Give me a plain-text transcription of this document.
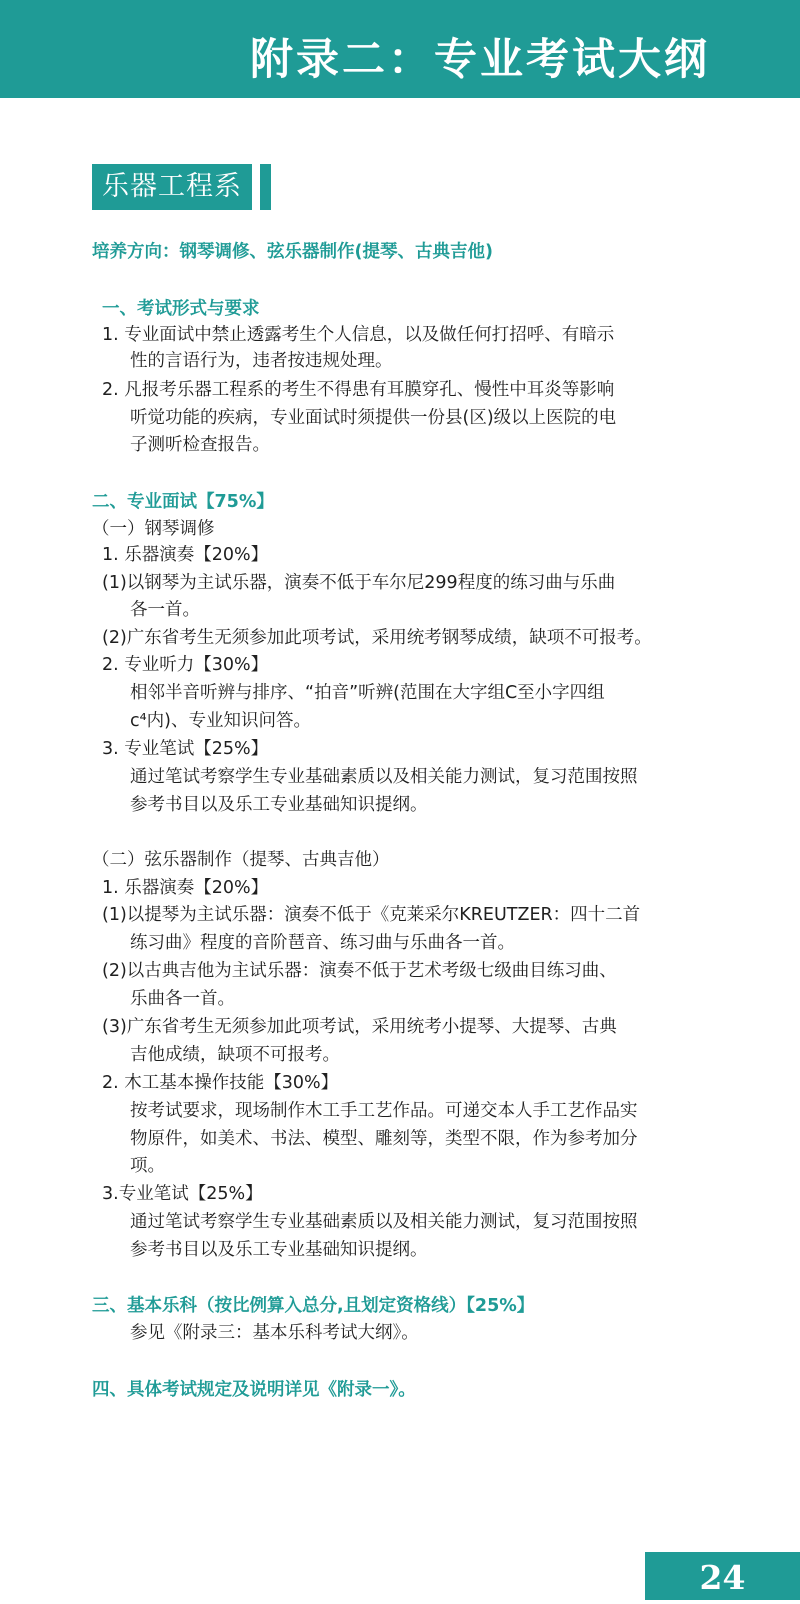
附录二：专业考试大纲
乐器工程系
培养方向：钢琴调修、弦乐器制作(提琴、古典吉他)
一、考试形式与要求
1. 专业面试中禁止透露考生个人信息，以及做任何打招呼、有暗示
性的言语行为，违者按违规处理。
2. 凡报考乐器工程系的考生不得患有耳膜穿孔、慢性中耳炎等影响
听觉功能的疾病，专业面试时须提供一份县(区)级以上医院的电
子测听检查报告。
二、专业面试【75%】
（一）钢琴调修
1. 乐器演奏【20%】
(1)以钢琴为主试乐器，演奏不低于车尔尼299程度的练习曲与乐曲
各一首。
(2)广东省考生无须参加此项考试，采用统考钢琴成绩，缺项不可报考。
2. 专业听力【30%】
相邻半音听辨与排序、“拍音”听辨(范围在大字组C至小字四组
c⁴内)、专业知识问答。
3. 专业笔试【25%】
通过笔试考察学生专业基础素质以及相关能力测试，复习范围按照
参考书目以及乐工专业基础知识提纲。
（二）弦乐器制作（提琴、古典吉他）
1. 乐器演奏【20%】
(1)以提琴为主试乐器：演奏不低于《克莱采尔KREUTZER：四十二首
练习曲》程度的音阶琶音、练习曲与乐曲各一首。
(2)以古典吉他为主试乐器：演奏不低于艺术考级七级曲目练习曲、
乐曲各一首。
(3)广东省考生无须参加此项考试，采用统考小提琴、大提琴、古典
吉他成绩，缺项不可报考。
2. 木工基本操作技能【30%】
按考试要求，现场制作木工手工艺作品。可递交本人手工艺作品实
物原件，如美术、书法、模型、雕刻等，类型不限，作为参考加分
项。
3.专业笔试【25%】
通过笔试考察学生专业基础素质以及相关能力测试，复习范围按照
参考书目以及乐工专业基础知识提纲。
三、基本乐科（按比例算入总分,且划定资格线）【25%】
参见《附录三：基本乐科考试大纲》。
四、具体考试规定及说明详见《附录一》。
24
